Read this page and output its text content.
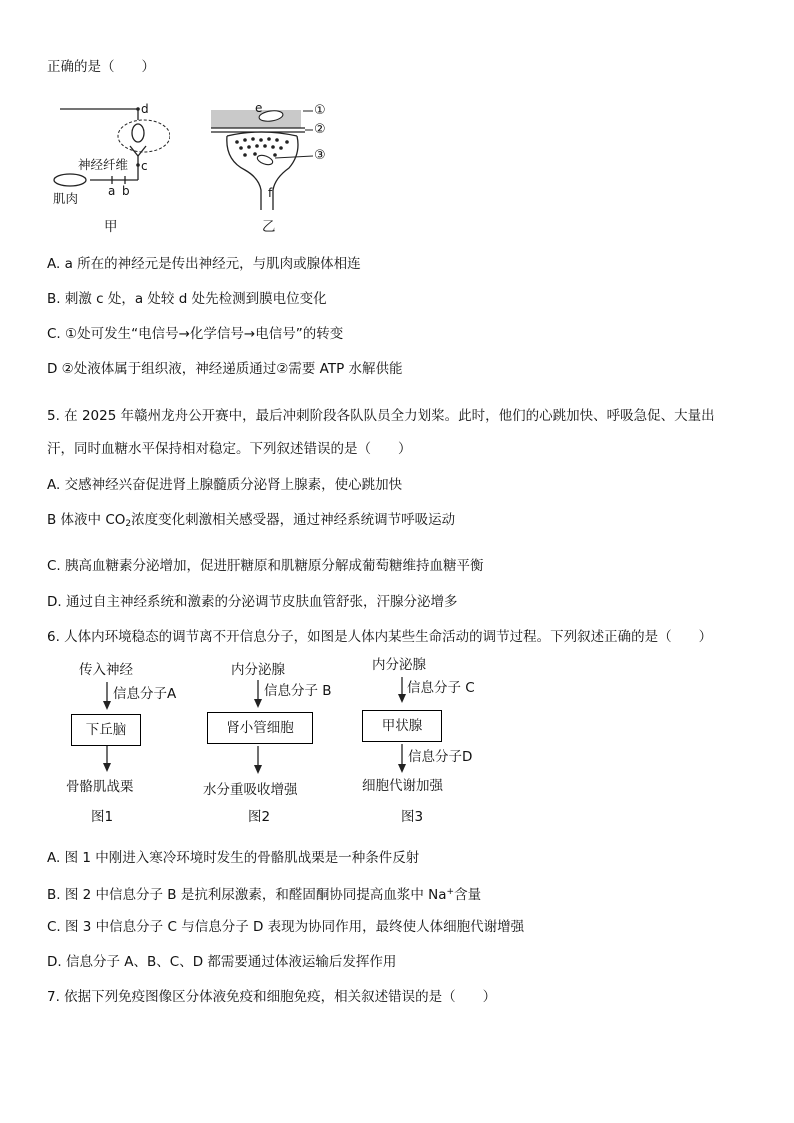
正确的是（　　）
d
c
a b
神经纤维
肌肉
甲
e
f
①
②
③
乙
A. a 所在的神经元是传出神经元，与肌肉或腺体相连
B. 刺激 c 处，a 处较 d 处先检测到膜电位变化
C. ①处可发生“电信号→化学信号→电信号”的转变
D ②处液体属于组织液，神经递质通过②需要 ATP 水解供能
5. 在 2025 年赣州龙舟公开赛中，最后冲刺阶段各队队员全力划桨。此时，他们的心跳加快、呼吸急促、大量出
汗，同时血糖水平保持相对稳定。下列叙述错误的是（　　）
A. 交感神经兴奋促进肾上腺髓质分泌肾上腺素，使心跳加快
B 体液中 $CO_2$浓度变化刺激相关感受器，通过神经系统调节呼吸运动
C. 胰高血糖素分泌增加，促进肝糖原和肌糖原分解成葡萄糖维持血糖平衡
D. 通过自主神经系统和激素的分泌调节皮肤血管舒张，汗腺分泌增多
6. 人体内环境稳态的调节离不开信息分子，如图是人体内某些生命活动的调节过程。下列叙述正确的是（　　）
传入神经
信息分子A
下丘脑
骨骼肌战栗
图1
内分泌腺
信息分子 B
肾小管细胞
水分重吸收增强
图2
内分泌腺
信息分子 C
甲状腺
信息分子D
细胞代谢加强
图3
A. 图 1 中刚进入寒冷环境时发生的骨骼肌战栗是一种条件反射
B. 图 2 中信息分子 B 是抗利尿激素，和醛固酮协同提高血浆中 Na+含量
C. 图 3 中信息分子 C 与信息分子 D 表现为协同作用，最终使人体细胞代谢增强
D. 信息分子 A、B、C、D 都需要通过体液运输后发挥作用
7. 依据下列免疫图像区分体液免疫和细胞免疫，相关叙述错误的是（　　）
